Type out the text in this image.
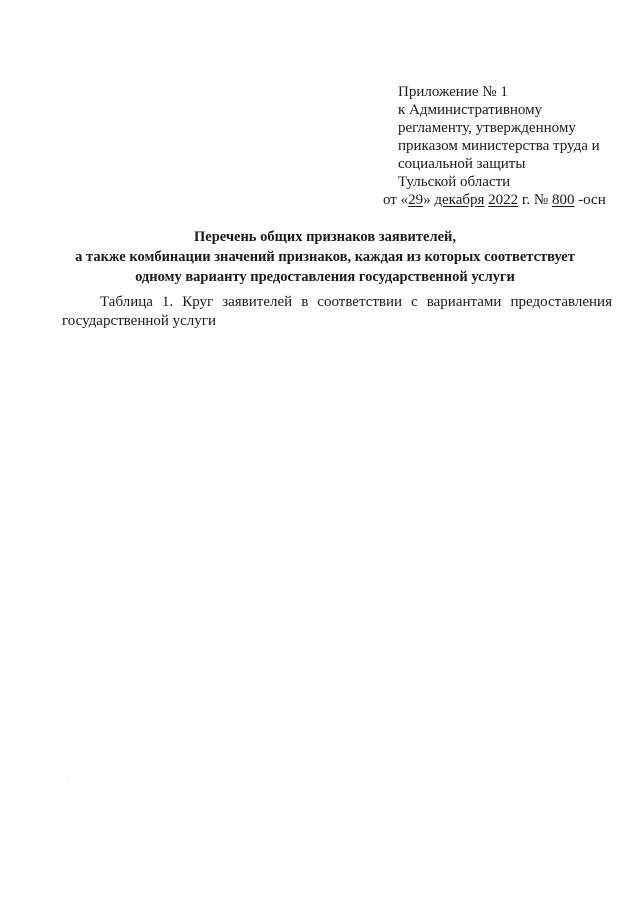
Приложение № 1
к Административному
регламенту, утвержденному
приказом министерства труда и
социальной защиты
Тульской области
от «29» декабря 2022 г. № 800 -осн
Перечень общих признаков заявителей,
а также комбинации значений признаков, каждая из которых соответствует
одному варианту предоставления государственной услуги
Таблица 1. Круг заявителей в соответствии с вариантами предоставления государственной услуги
